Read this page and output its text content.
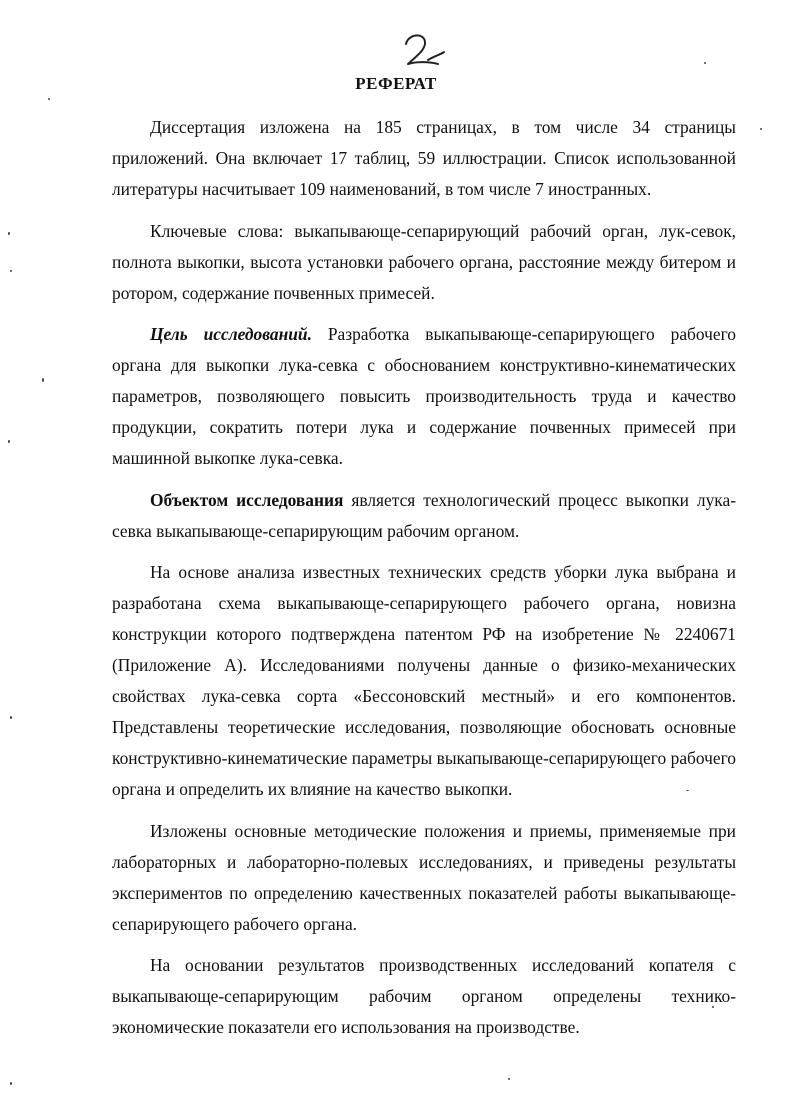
РЕФЕРАТ

Диссертация изложена на 185 страницах, в том числе 34 страницы приложений. Она включает 17 таблиц, 59 иллюстрации. Список использованной литературы насчитывает 109 наименований, в том числе 7 иностранных.

Ключевые слова: выкапывающе-сепарирующий рабочий орган, лук-севок, полнота выкопки, высота установки рабочего органа, расстояние между битером и ротором, содержание почвенных примесей.

Цель исследований. Разработка выкапывающе-сепарирующего рабочего органа для выкопки лука-севка с обоснованием конструктивно-кинематических параметров, позволяющего повысить производительность труда и качество продукции, сократить потери лука и содержание почвенных примесей при машинной выкопке лука-севка.

Объектом исследования является технологический процесс выкопки лука-севка выкапывающе-сепарирующим рабочим органом.

На основе анализа известных технических средств уборки лука выбрана и разработана схема выкапывающе-сепарирующего рабочего органа, новизна конструкции которого подтверждена патентом РФ на изобретение № 2240671 (Приложение А). Исследованиями получены данные о физико-механических свойствах лука-севка сорта «Бессоновский местный» и его компонентов. Представлены теоретические исследования, позволяющие обосновать основные конструктивно-кинематические параметры выкапывающе-сепарирующего рабочего органа и определить их влияние на качество выкопки.

Изложены основные методические положения и приемы, применяемые при лабораторных и лабораторно-полевых исследованиях, и приведены результаты экспериментов по определению качественных показателей работы выкапывающе-сепарирующего рабочего органа.

На основании результатов производственных исследований копателя с выкапывающе-сепарирующим рабочим органом определены технико-экономические показатели его использования на производстве.
